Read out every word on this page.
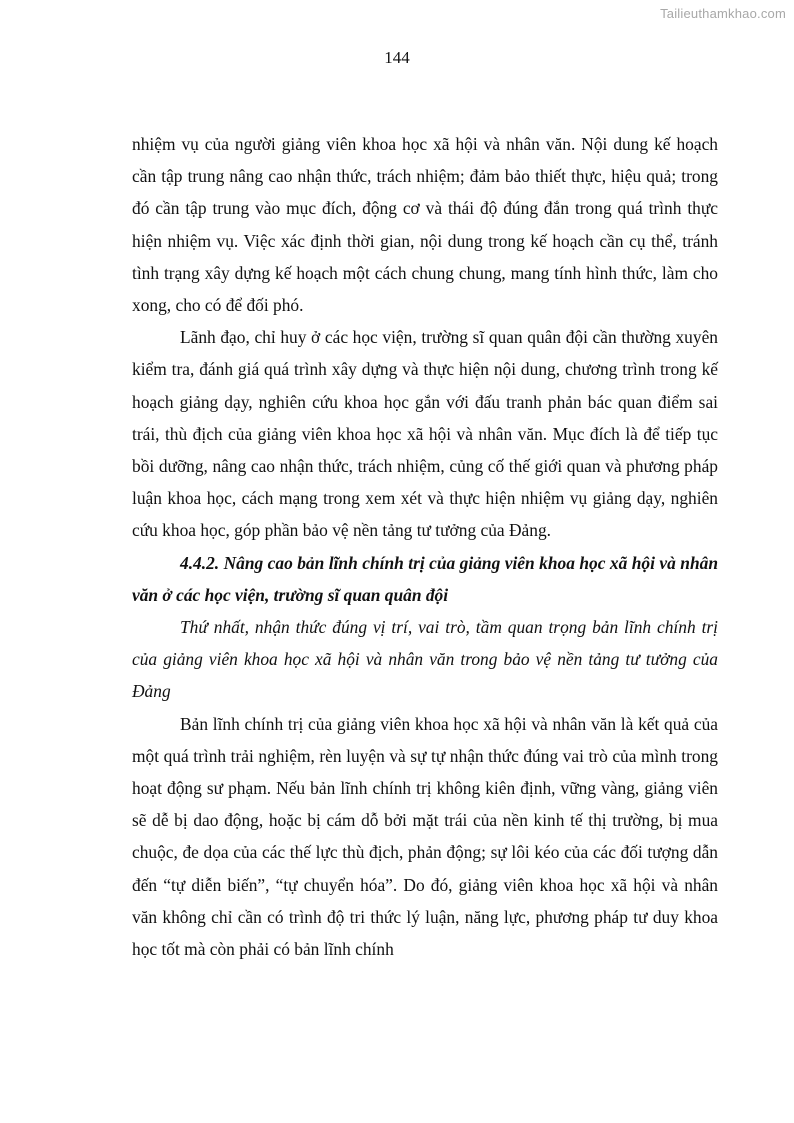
Tailieuthamkhao.com
144

nhiệm vụ của người giảng viên khoa học xã hội và nhân văn. Nội dung kế hoạch cần tập trung nâng cao nhận thức, trách nhiệm; đảm bảo thiết thực, hiệu quả; trong đó cần tập trung vào mục đích, động cơ và thái độ đúng đắn trong quá trình thực hiện nhiệm vụ. Việc xác định thời gian, nội dung trong kế hoạch cần cụ thể, tránh tình trạng xây dựng kế hoạch một cách chung chung, mang tính hình thức, làm cho xong, cho có để đối phó.

Lãnh đạo, chỉ huy ở các học viện, trường sĩ quan quân đội cần thường xuyên kiểm tra, đánh giá quá trình xây dựng và thực hiện nội dung, chương trình trong kế hoạch giảng dạy, nghiên cứu khoa học gắn với đấu tranh phản bác quan điểm sai trái, thù địch của giảng viên khoa học xã hội và nhân văn. Mục đích là để tiếp tục bồi dưỡng, nâng cao nhận thức, trách nhiệm, củng cố thế giới quan và phương pháp luận khoa học, cách mạng trong xem xét và thực hiện nhiệm vụ giảng dạy, nghiên cứu khoa học, góp phần bảo vệ nền tảng tư tưởng của Đảng.

4.4.2. Nâng cao bản lĩnh chính trị của giảng viên khoa học xã hội và nhân văn ở các học viện, trường sĩ quan quân đội

Thứ nhất, nhận thức đúng vị trí, vai trò, tầm quan trọng bản lĩnh chính trị của giảng viên khoa học xã hội và nhân văn trong bảo vệ nền tảng tư tưởng của Đảng

Bản lĩnh chính trị của giảng viên khoa học xã hội và nhân văn là kết quả của một quá trình trải nghiệm, rèn luyện và sự tự nhận thức đúng vai trò của mình trong hoạt động sư phạm. Nếu bản lĩnh chính trị không kiên định, vững vàng, giảng viên sẽ dễ bị dao động, hoặc bị cám dỗ bởi mặt trái của nền kinh tế thị trường, bị mua chuộc, đe dọa của các thế lực thù địch, phản động; sự lôi kéo của các đối tượng dẫn đến “tự diễn biến”, “tự chuyển hóa”. Do đó, giảng viên khoa học xã hội và nhân văn không chỉ cần có trình độ tri thức lý luận, năng lực, phương pháp tư duy khoa học tốt mà còn phải có bản lĩnh chính
